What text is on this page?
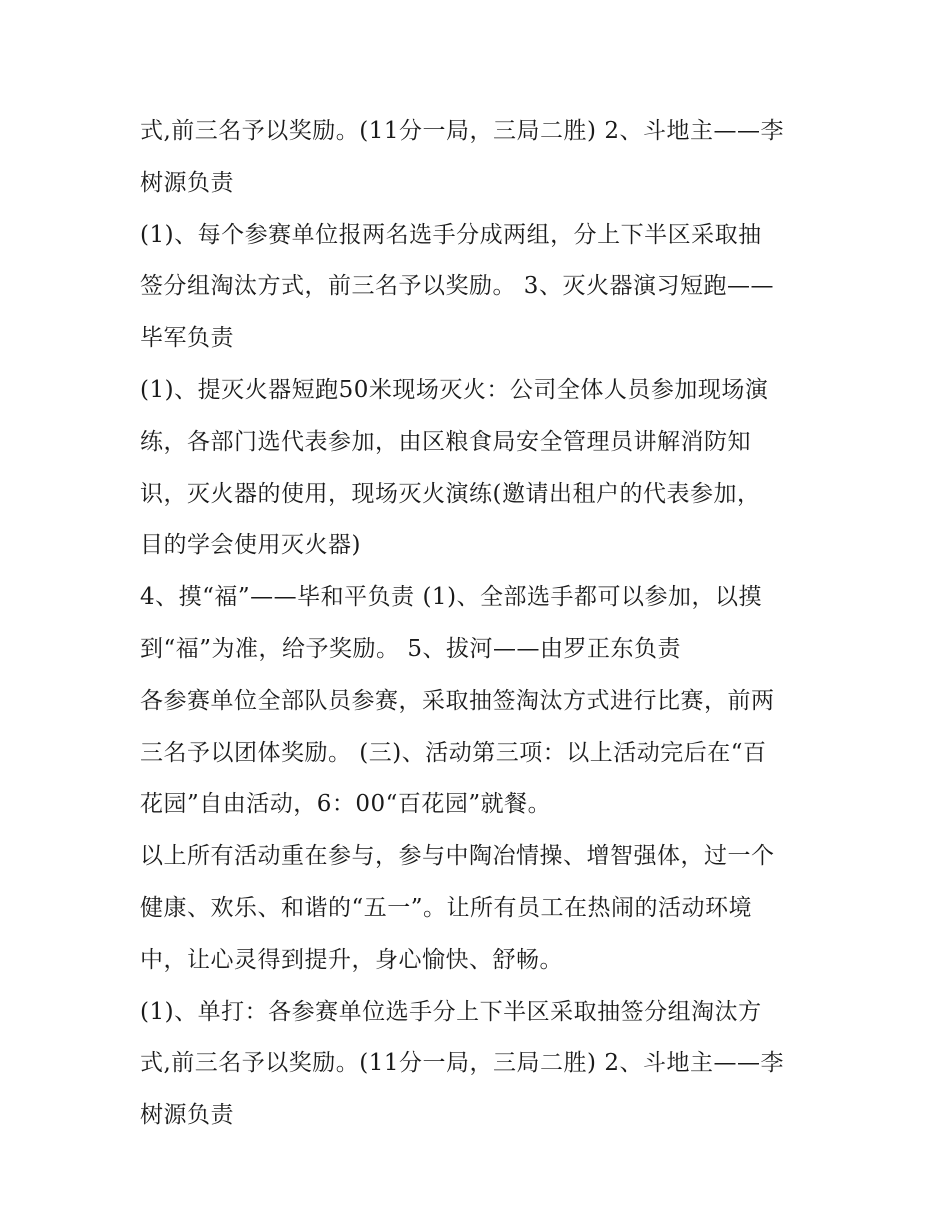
式,前三名予以奖励。(11分一局，三局二胜) 2、斗地主——李
树源负责
(1)、每个参赛单位报两名选手分成两组，分上下半区采取抽
签分组淘汰方式，前三名予以奖励。 3、灭火器演习短跑——
毕军负责
(1)、提灭火器短跑50米现场灭火：公司全体人员参加现场演
练，各部门选代表参加，由区粮食局安全管理员讲解消防知
识，灭火器的使用，现场灭火演练(邀请出租户的代表参加，
目的学会使用灭火器)
4、摸“福”——毕和平负责 (1)、全部选手都可以参加，以摸
到“福”为准，给予奖励。 5、拔河——由罗正东负责
各参赛单位全部队员参赛，采取抽签淘汰方式进行比赛，前两
三名予以团体奖励。 (三)、活动第三项：以上活动完后在“百
花园”自由活动，6：00“百花园”就餐。
以上所有活动重在参与，参与中陶冶情操、增智强体，过一个
健康、欢乐、和谐的“五一”。让所有员工在热闹的活动环境
中，让心灵得到提升，身心愉快、舒畅。
(1)、单打：各参赛单位选手分上下半区采取抽签分组淘汰方
式,前三名予以奖励。(11分一局，三局二胜) 2、斗地主——李
树源负责
